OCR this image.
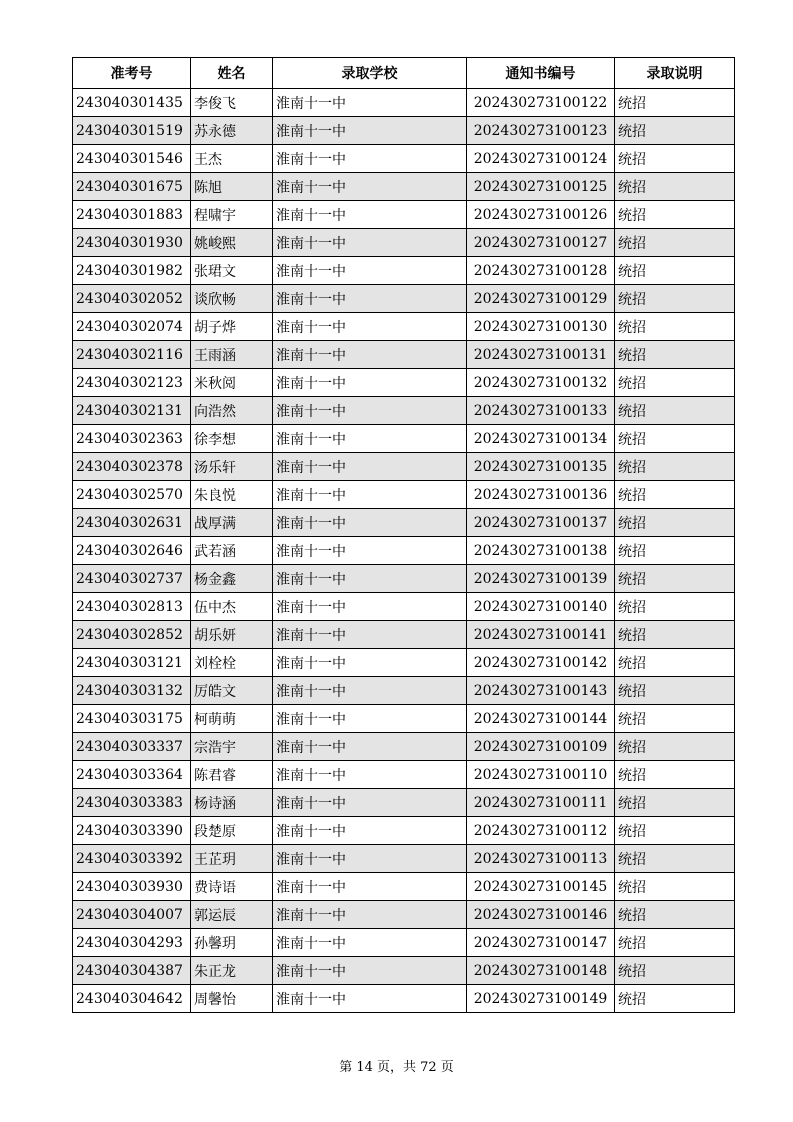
准考号	姓名	录取学校	通知书编号	录取说明
243040301435	李俊飞	淮南十一中	202430273100122	统招
243040301519	苏永德	淮南十一中	202430273100123	统招
243040301546	王杰	淮南十一中	202430273100124	统招
243040301675	陈旭	淮南十一中	202430273100125	统招
243040301883	程啸宇	淮南十一中	202430273100126	统招
243040301930	姚峻熙	淮南十一中	202430273100127	统招
243040301982	张珺文	淮南十一中	202430273100128	统招
243040302052	谈欣畅	淮南十一中	202430273100129	统招
243040302074	胡子烨	淮南十一中	202430273100130	统招
243040302116	王雨涵	淮南十一中	202430273100131	统招
243040302123	米秋阅	淮南十一中	202430273100132	统招
243040302131	向浩然	淮南十一中	202430273100133	统招
243040302363	徐李想	淮南十一中	202430273100134	统招
243040302378	汤乐轩	淮南十一中	202430273100135	统招
243040302570	朱良悦	淮南十一中	202430273100136	统招
243040302631	战厚满	淮南十一中	202430273100137	统招
243040302646	武若涵	淮南十一中	202430273100138	统招
243040302737	杨金鑫	淮南十一中	202430273100139	统招
243040302813	伍中杰	淮南十一中	202430273100140	统招
243040302852	胡乐妍	淮南十一中	202430273100141	统招
243040303121	刘栓栓	淮南十一中	202430273100142	统招
243040303132	厉皓文	淮南十一中	202430273100143	统招
243040303175	柯萌萌	淮南十一中	202430273100144	统招
243040303337	宗浩宇	淮南十一中	202430273100109	统招
243040303364	陈君睿	淮南十一中	202430273100110	统招
243040303383	杨诗涵	淮南十一中	202430273100111	统招
243040303390	段楚原	淮南十一中	202430273100112	统招
243040303392	王芷玥	淮南十一中	202430273100113	统招
243040303930	费诗语	淮南十一中	202430273100145	统招
243040304007	郭运辰	淮南十一中	202430273100146	统招
243040304293	孙馨玥	淮南十一中	202430273100147	统招
243040304387	朱正龙	淮南十一中	202430273100148	统招
243040304642	周馨怡	淮南十一中	202430273100149	统招
第 14 页，共 72 页
